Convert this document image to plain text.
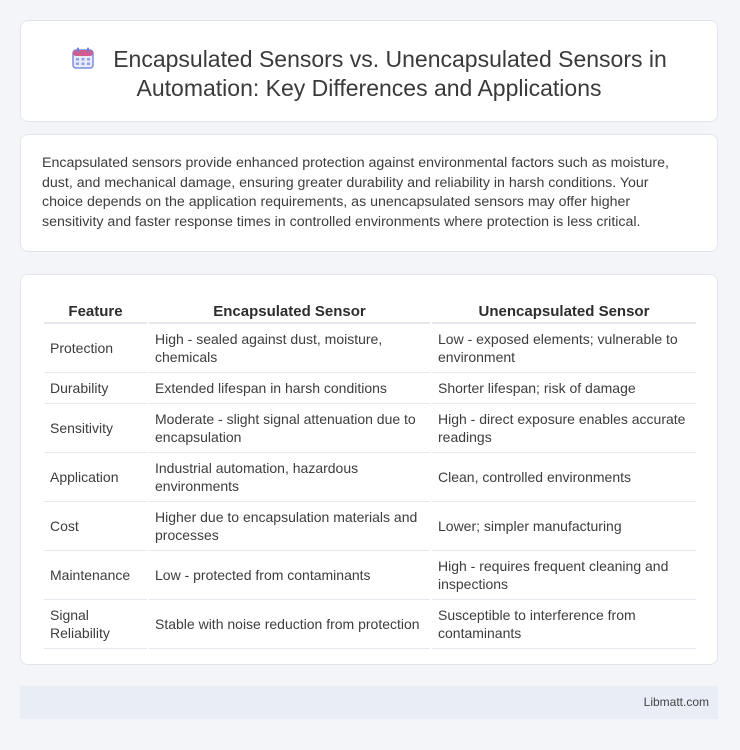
Encapsulated Sensors vs. Unencapsulated Sensors in Automation: Key Differences and Applications
Encapsulated sensors provide enhanced protection against environmental factors such as moisture, dust, and mechanical damage, ensuring greater durability and reliability in harsh conditions. Your choice depends on the application requirements, as unencapsulated sensors may offer higher sensitivity and faster response times in controlled environments where protection is less critical.
Feature	Encapsulated Sensor	Unencapsulated Sensor
Protection	High - sealed against dust, moisture, chemicals	Low - exposed elements; vulnerable to environment
Durability	Extended lifespan in harsh conditions	Shorter lifespan; risk of damage
Sensitivity	Moderate - slight signal attenuation due to encapsulation	High - direct exposure enables accurate readings
Application	Industrial automation, hazardous environments	Clean, controlled environments
Cost	Higher due to encapsulation materials and processes	Lower; simpler manufacturing
Maintenance	Low - protected from contaminants	High - requires frequent cleaning and inspections
Signal Reliability	Stable with noise reduction from protection	Susceptible to interference from contaminants
Libmatt.com
